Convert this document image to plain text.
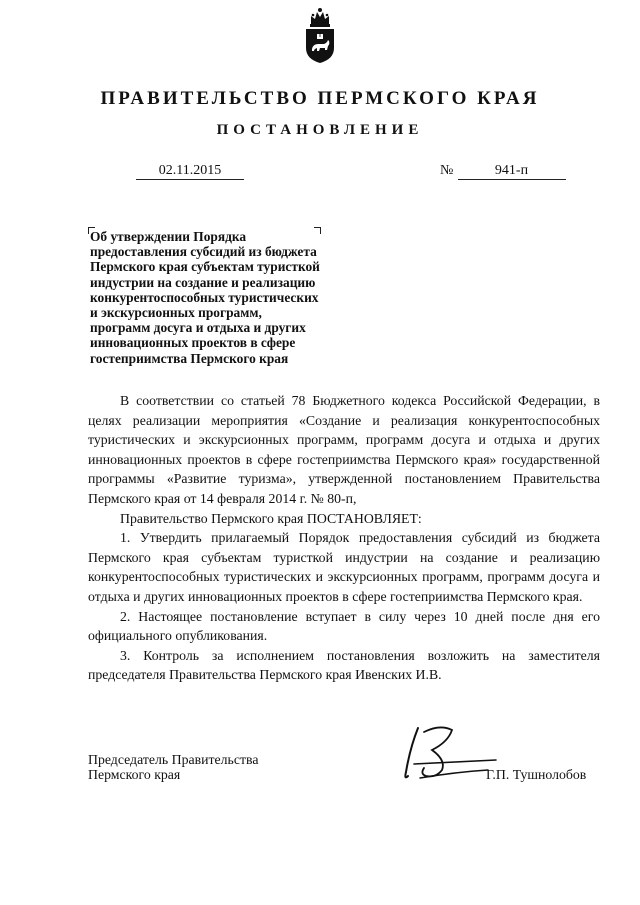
ПРАВИТЕЛЬСТВО ПЕРМСКОГО КРАЯ
ПОСТАНОВЛЕНИЕ
02.11.2015	№	941-п
Об утверждении Порядка
предоставления субсидий из бюджета
Пермского края субъектам туристкой
индустрии на создание и реализацию
конкурентоспособных туристических
и экскурсионных программ,
программ досуга и отдыха и других
инновационных проектов в сфере
гостеприимства Пермского края

В соответствии со статьей 78 Бюджетного кодекса Российской Федерации, в целях реализации мероприятия «Создание и реализация конкурентоспособных туристических и экскурсионных программ, программ досуга и отдыха и других инновационных проектов в сфере гостеприимства Пермского края» государственной программы «Развитие туризма», утвержденной постановлением Правительства Пермского края от 14 февраля 2014 г. № 80-п,

Правительство Пермского края ПОСТАНОВЛЯЕТ:

1. Утвердить прилагаемый Порядок предоставления субсидий из бюджета Пермского края субъектам туристкой индустрии на создание и реализацию конкурентоспособных туристических и экскурсионных программ, программ досуга и отдыха и других инновационных проектов в сфере гостеприимства Пермского края.

2. Настоящее постановление вступает в силу через 10 дней после дня его официального опубликования.

3. Контроль за исполнением постановления возложить на заместителя председателя Правительства Пермского края Ивенских И.В.

Председатель Правительства
Пермского края	Г.П. Тушнолобов
